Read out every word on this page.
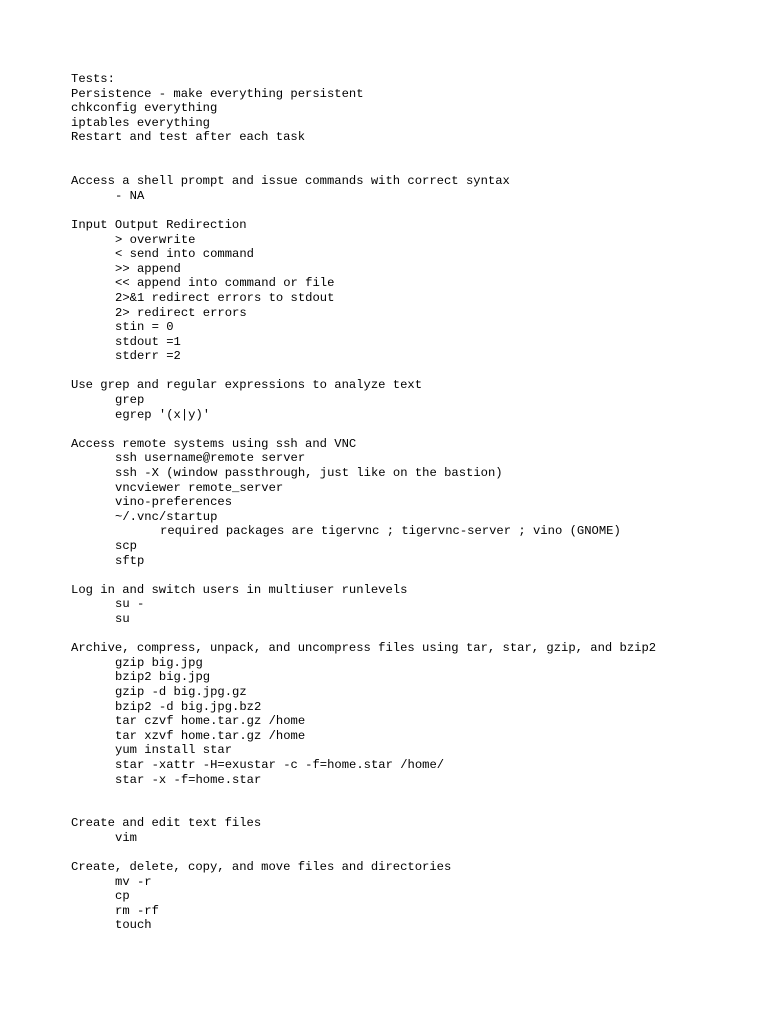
Tests:
Persistence - make everything persistent
chkconfig everything
iptables everything
Restart and test after each task
Access a shell prompt and issue commands with correct syntax
- NA
Input Output Redirection
> overwrite
< send into command
>> append
<< append into command or file
2>&1 redirect errors to stdout
2> redirect errors
stin = 0
stdout =1
stderr =2
Use grep and regular expressions to analyze text
grep
egrep '(x|y)'
Access remote systems using ssh and VNC
ssh username@remote server
ssh -X (window passthrough, just like on the bastion)
vncviewer remote_server
vino-preferences
~/.vnc/startup
required packages are tigervnc ; tigervnc-server ; vino (GNOME)
scp
sftp
Log in and switch users in multiuser runlevels
su -
su
Archive, compress, unpack, and uncompress files using tar, star, gzip, and bzip2
gzip big.jpg
bzip2 big.jpg
gzip -d big.jpg.gz
bzip2 -d big.jpg.bz2
tar czvf home.tar.gz /home
tar xzvf home.tar.gz /home
yum install star
star -xattr -H=exustar -c -f=home.star /home/
star -x -f=home.star
Create and edit text files
vim
Create, delete, copy, and move files and directories
mv -r
cp
rm -rf
touch
